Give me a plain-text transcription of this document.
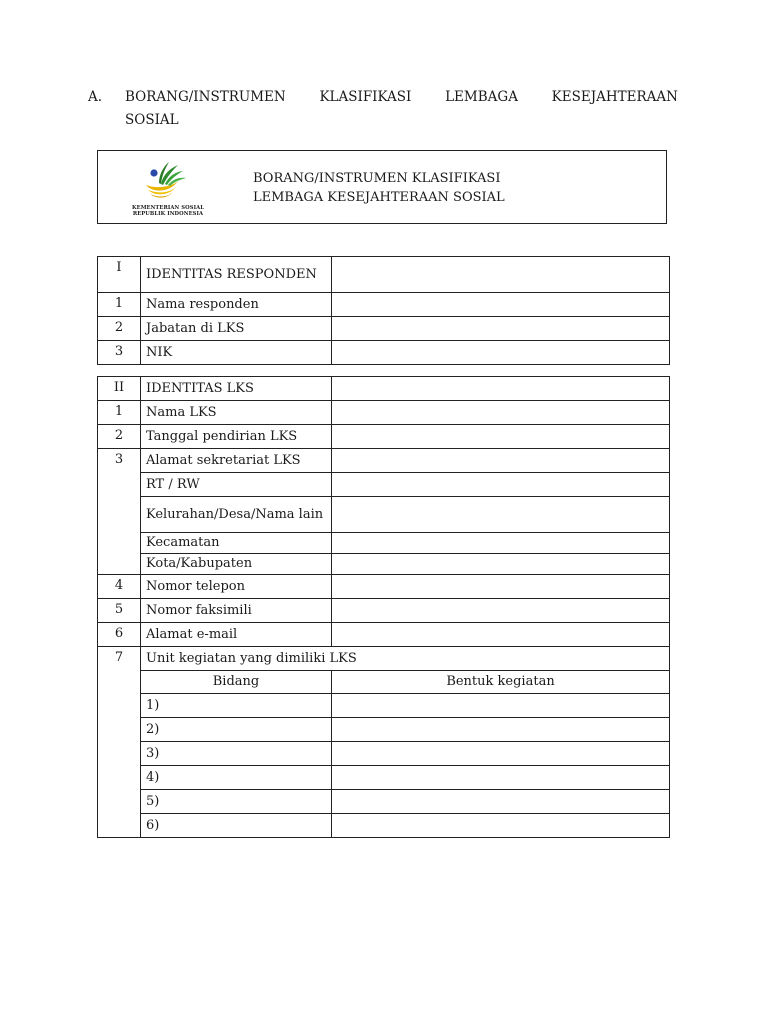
A. BORANG/INSTRUMEN KLASIFIKASI LEMBAGA KESEJAHTERAAN
SOSIAL
KEMENTERIAN SOSIAL
REPUBLIK INDONESIA
BORANG/INSTRUMEN KLASIFIKASI
LEMBAGA KESEJAHTERAAN SOSIAL
I	IDENTITAS RESPONDEN	
1	Nama responden	
2	Jabatan di LKS	
3	NIK	
II	IDENTITAS LKS	
1	Nama LKS	
2	Tanggal pendirian LKS	
3	Alamat sekretariat LKS	
	RT / RW	
	Kelurahan/Desa/Nama lain	
	Kecamatan	
	Kota/Kabupaten	
4	Nomor telepon	
5	Nomor faksimili	
6	Alamat e-mail	
7	Unit kegiatan yang dimiliki LKS	
	Bidang	Bentuk kegiatan
	1)	
	2)	
	3)	
	4)	
	5)	
	6)	
